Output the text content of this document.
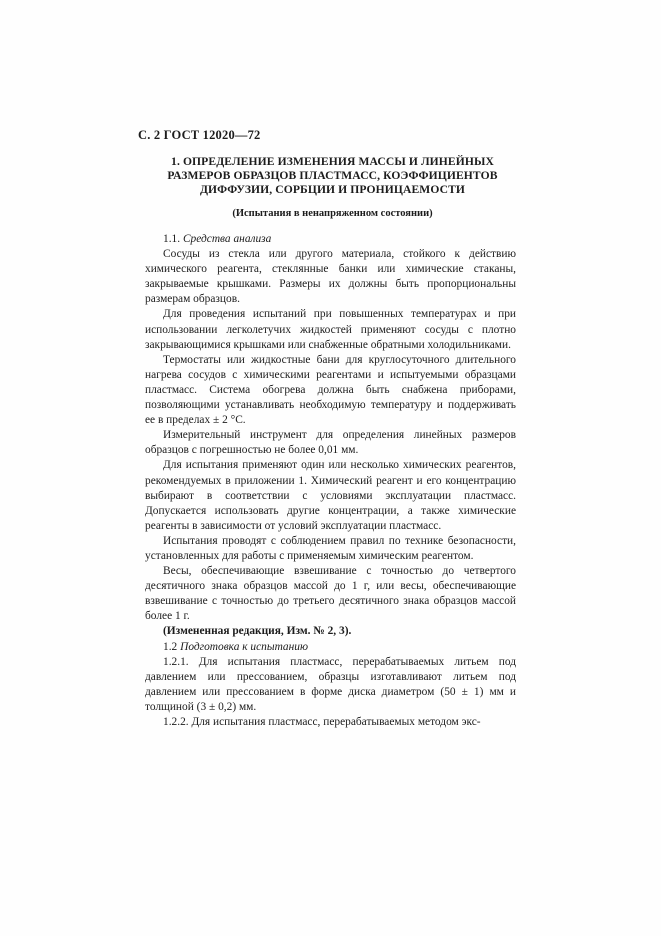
С. 2 ГОСТ 12020—72
1. ОПРЕДЕЛЕНИЕ ИЗМЕНЕНИЯ МАССЫ И ЛИНЕЙНЫХ
РАЗМЕРОВ ОБРАЗЦОВ ПЛАСТМАСС, КОЭФФИЦИЕНТОВ
ДИФФУЗИИ, СОРБЦИИ И ПРОНИЦАЕМОСТИ
(Испытания в ненапряженном состоянии)

1.1. Средства анализа

Сосуды из стекла или другого материала, стойкого к действию химического реагента, стеклянные банки или химические стаканы, закрываемые крышками. Размеры их должны быть пропорциональны размерам образцов.

Для проведения испытаний при повышенных температурах и при использовании легколетучих жидкостей применяют сосуды с плотно закрывающимися крышками или снабженные обратными холодильниками.

Термостаты или жидкостные бани для круглосуточного длительного нагрева сосудов с химическими реагентами и испытуемыми образцами пластмасс. Система обогрева должна быть снабжена приборами, позволяющими устанавливать необходимую температуру и поддерживать ее в пределах ± 2 °С.

Измерительный инструмент для определения линейных размеров образцов с погрешностью не более 0,01 мм.

Для испытания применяют один или несколько химических реагентов, рекомендуемых в приложении 1. Химический реагент и его концентрацию выбирают в соответствии с условиями эксплуатации пластмасс. Допускается использовать другие концентрации, а также химические реагенты в зависимости от условий эксплуатации пластмасс.

Испытания проводят с соблюдением правил по технике безопасности, установленных для работы с применяемым химическим реагентом.

Весы, обеспечивающие взвешивание с точностью до четвертого десятичного знака образцов массой до 1 г, или весы, обеспечивающие взвешивание с точностью до третьего десятичного знака образцов массой более 1 г.

(Измененная редакция, Изм. № 2, 3).

1.2 Подготовка к испытанию

1.2.1. Для испытания пластмасс, перерабатываемых литьем под давлением или прессованием, образцы изготавливают литьем под давлением или прессованием в форме диска диаметром (50 ± 1) мм и толщиной (3 ± 0,2) мм.

1.2.2. Для испытания пластмасс, перерабатываемых методом экс-
